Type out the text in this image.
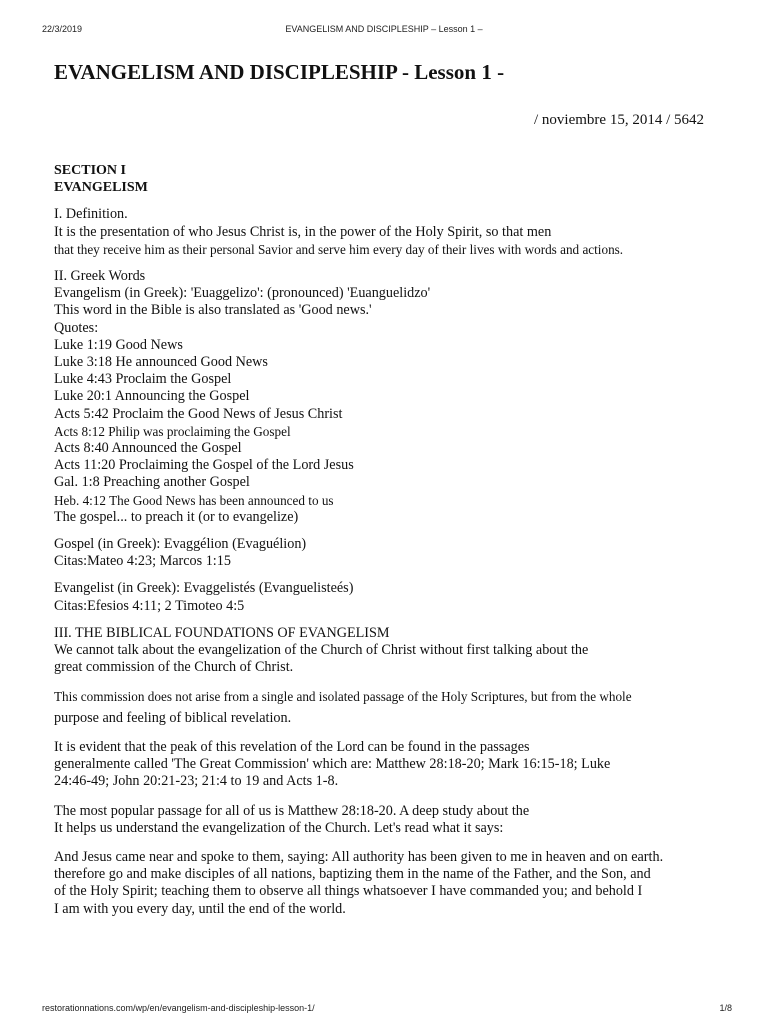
22/3/2019	EVANGELISM AND DISCIPLESHIP – Lesson 1 –
EVANGELISM AND DISCIPLESHIP - Lesson 1 -
/ noviembre 15, 2014 / 5642
SECTION I
EVANGELISM
I. Definition.
It is the presentation of who Jesus Christ is, in the power of the Holy Spirit, so that men
that they receive him as their personal Savior and serve him every day of their lives with words and actions.
II. Greek Words
Evangelism (in Greek): 'Euaggelizo': (pronounced) 'Euanguelidzo'
This word in the Bible is also translated as 'Good news.'
Quotes:
Luke 1:19 Good News
Luke 3:18 He announced Good News
Luke 4:43 Proclaim the Gospel
Luke 20:1 Announcing the Gospel
Acts 5:42 Proclaim the Good News of Jesus Christ
Acts 8:12 Philip was proclaiming the Gospel
Acts 8:40 Announced the Gospel
Acts 11:20 Proclaiming the Gospel of the Lord Jesus
Gal. 1:8 Preaching another Gospel
Heb. 4:12 The Good News has been announced to us
The gospel... to preach it (or to evangelize)
Gospel (in Greek): Evaggélion (Evaguélion)
Citas:Mateo 4:23; Marcos 1:15
Evangelist (in Greek): Evaggelistés (Evanguelisteés)
Citas:Efesios 4:11; 2 Timoteo 4:5
III. THE BIBLICAL FOUNDATIONS OF EVANGELISM
We cannot talk about the evangelization of the Church of Christ without first talking about the
great commission of the Church of Christ.
This commission does not arise from a single and isolated passage of the Holy Scriptures, but from the whole
purpose and feeling of biblical revelation.
It is evident that the peak of this revelation of the Lord can be found in the passages
generalmente called 'The Great Commission' which are: Matthew 28:18-20; Mark 16:15-18; Luke
24:46-49; John 20:21-23; 21:4 to 19 and Acts 1-8.
The most popular passage for all of us is Matthew 28:18-20. A deep study about the
It helps us understand the evangelization of the Church. Let's read what it says:
And Jesus came near and spoke to them, saying: All authority has been given to me in heaven and on earth.
therefore go and make disciples of all nations, baptizing them in the name of the Father, and the Son, and
of the Holy Spirit; teaching them to observe all things whatsoever I have commanded you; and behold I
I am with you every day, until the end of the world.
restorationnations.com/wp/en/evangelism-and-discipleship-lesson-1/	1/8
